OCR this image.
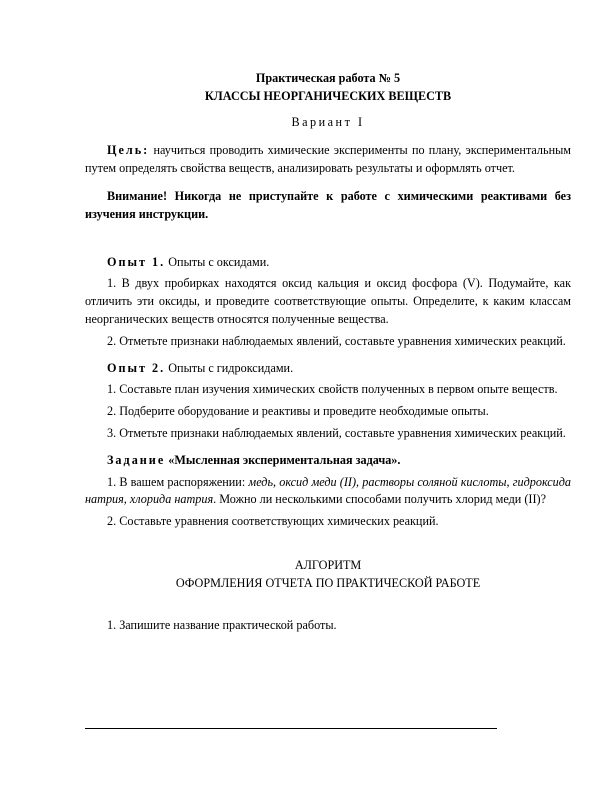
Практическая работа № 5

КЛАССЫ НЕОРГАНИЧЕСКИХ ВЕЩЕСТВ

Вариант I

Цель: научиться проводить химические эксперименты по плану, экспериментальным путем определять свойства веществ, анализировать результаты и оформлять отчет.

Внимание! Никогда не приступайте к работе с химическими реактивами без изучения инструкции.

Опыт 1. Опыты с оксидами.

1. В двух пробирках находятся оксид кальция и оксид фосфора (V). Подумайте, как отличить эти оксиды, и проведите соответствующие опыты. Определите, к каким классам неорганических веществ относятся полученные вещества.

2. Отметьте признаки наблюдаемых явлений, составьте уравнения химических реакций.

Опыт 2. Опыты с гидроксидами.

1. Составьте план изучения химических свойств полученных в первом опыте веществ.

2. Подберите оборудование и реактивы и проведите необходимые опыты.

3. Отметьте признаки наблюдаемых явлений, составьте уравнения химических реакций.

Задание «Мысленная экспериментальная задача».

1. В вашем распоряжении: медь, оксид меди (II), растворы соляной кислоты, гидроксида натрия, хлорида натрия. Можно ли несколькими способами получить хлорид меди (II)?

2. Составьте уравнения соответствующих химических реакций.

АЛГОРИТМ

ОФОРМЛЕНИЯ ОТЧЕТА ПО ПРАКТИЧЕСКОЙ РАБОТЕ

1. Запишите название практической работы.
